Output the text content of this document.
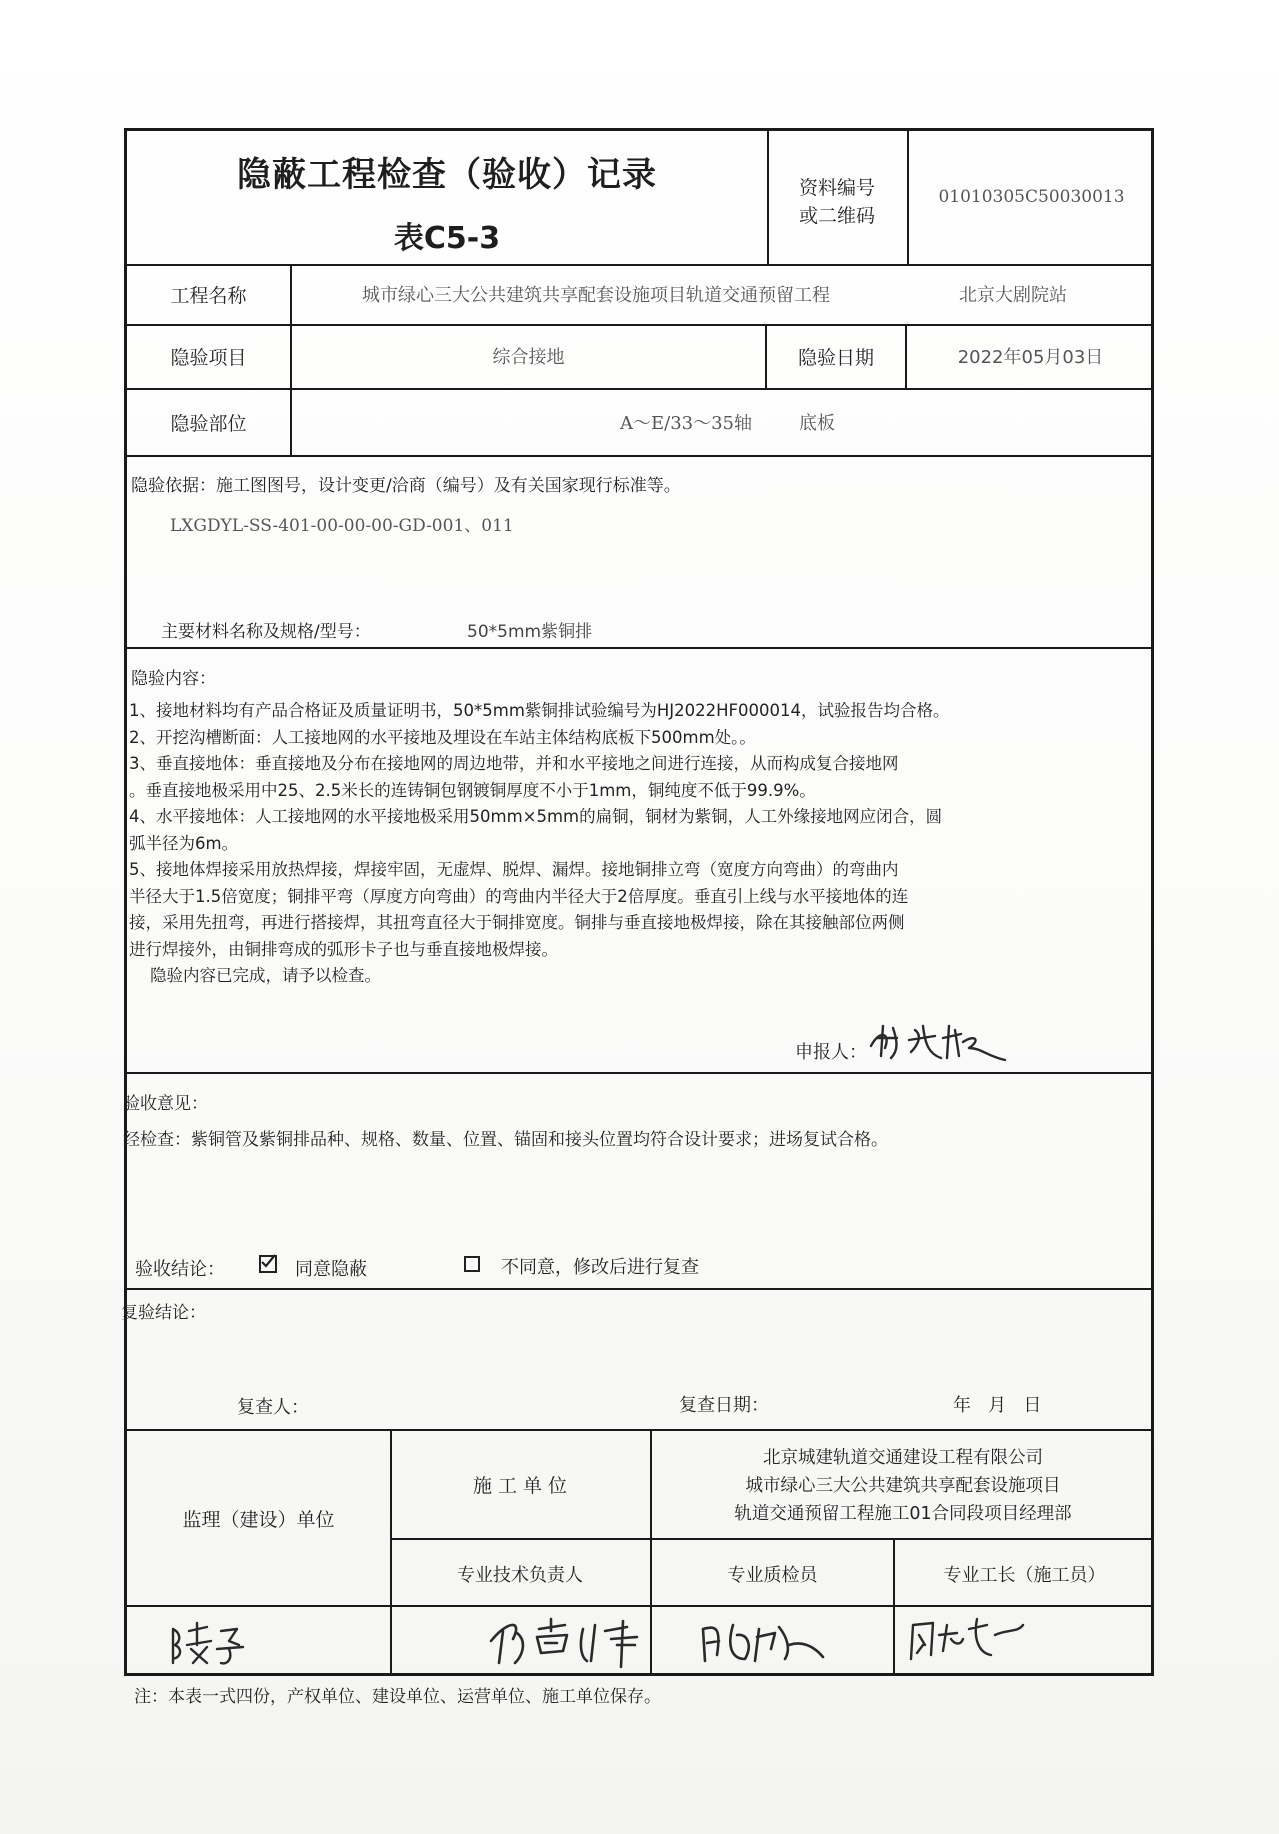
隐蔽工程检查（验收）记录
表C5-3
资料编号
或二维码
01010305C50030013
工程名称	城市绿心三大公共建筑共享配套设施项目轨道交通预留工程	北京大剧院站
隐验项目	综合接地	隐验日期	2022年05月03日
隐验部位	A～E/33～35轴	底板
隐验依据：施工图图号，设计变更/洽商（编号）及有关国家现行标准等。
LXGDYL-SS-401-00-00-00-GD-001、011
主要材料名称及规格/型号：	50*5mm紫铜排
隐验内容：
1、接地材料均有产品合格证及质量证明书，50*5mm紫铜排试验编号为HJ2022HF000014，试验报告均合格。
2、开挖沟槽断面：人工接地网的水平接地及埋设在车站主体结构底板下500mm处。。
3、垂直接地体：垂直接地及分布在接地网的周边地带，并和水平接地之间进行连接，从而构成复合接地网
。垂直接地极采用中25、2.5米长的连铸铜包钢镀铜厚度不小于1mm，铜纯度不低于99.9%。
4、水平接地体：人工接地网的水平接地极采用50mm×5mm的扁铜，铜材为紫铜，人工外缘接地网应闭合，圆
弧半径为6m。
5、接地体焊接采用放热焊接，焊接牢固，无虚焊、脱焊、漏焊。接地铜排立弯（宽度方向弯曲）的弯曲内
半径大于1.5倍宽度；铜排平弯（厚度方向弯曲）的弯曲内半径大于2倍厚度。垂直引上线与水平接地体的连
接，采用先扭弯，再进行搭接焊，其扭弯直径大于铜排宽度。铜排与垂直接地极焊接，除在其接触部位两侧
进行焊接外，由铜排弯成的弧形卡子也与垂直接地极焊接。
隐验内容已完成，请予以检查。
申报人：
验收意见：
经检查：紫铜管及紫铜排品种、规格、数量、位置、锚固和接头位置均符合设计要求；进场复试合格。
验收结论：	同意隐蔽	不同意，修改后进行复查
复验结论：
复查人：	复查日期：	年   月   日
监理（建设）单位
施 工 单 位
北京城建轨道交通建设工程有限公司
城市绿心三大公共建筑共享配套设施项目
轨道交通预留工程施工01合同段项目经理部
专业技术负责人	专业质检员	专业工长（施工员）
注：本表一式四份，产权单位、建设单位、运营单位、施工单位保存。
